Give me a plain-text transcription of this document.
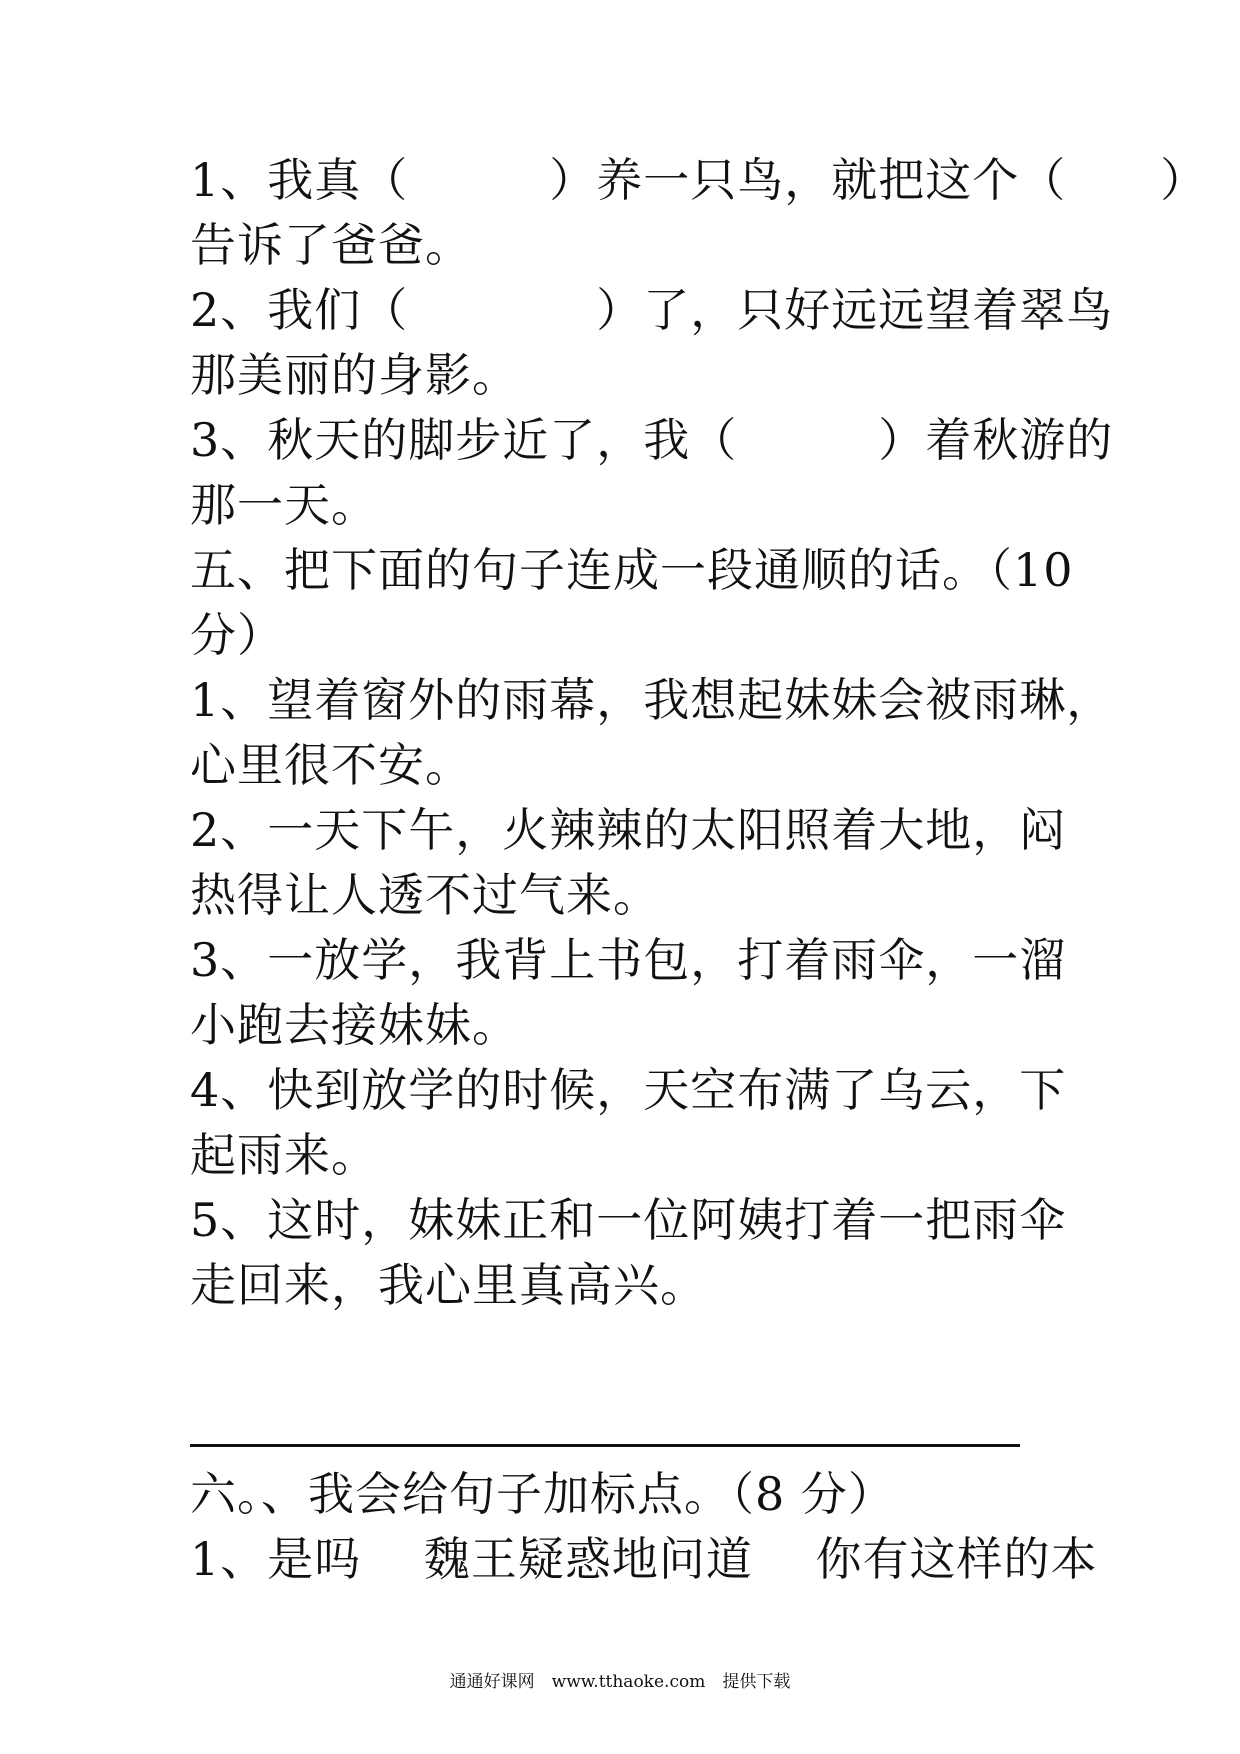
1、我真（　　　）养一只鸟，就把这个（　　）
告诉了爸爸。
2、我们（　　　　）了，只好远远望着翠鸟
那美丽的身影。
3、秋天的脚步近了，我（　　　）着秋游的
那一天。
五、把下面的句子连成一段通顺的话。（10
分）
1、望着窗外的雨幕，我想起妹妹会被雨琳，
心里很不安。
2、一天下午，火辣辣的太阳照着大地，闷
热得让人透不过气来。
3、一放学，我背上书包，打着雨伞，一溜
小跑去接妹妹。
4、快到放学的时候，天空布满了乌云，下
起雨来。
5、这时，妹妹正和一位阿姨打着一把雨伞
走回来，我心里真高兴。
六。、我会给句子加标点。（8 分）
1、是吗　 魏王疑惑地问道　 你有这样的本
通通好课网　www.tthaoke.com　提供下载
